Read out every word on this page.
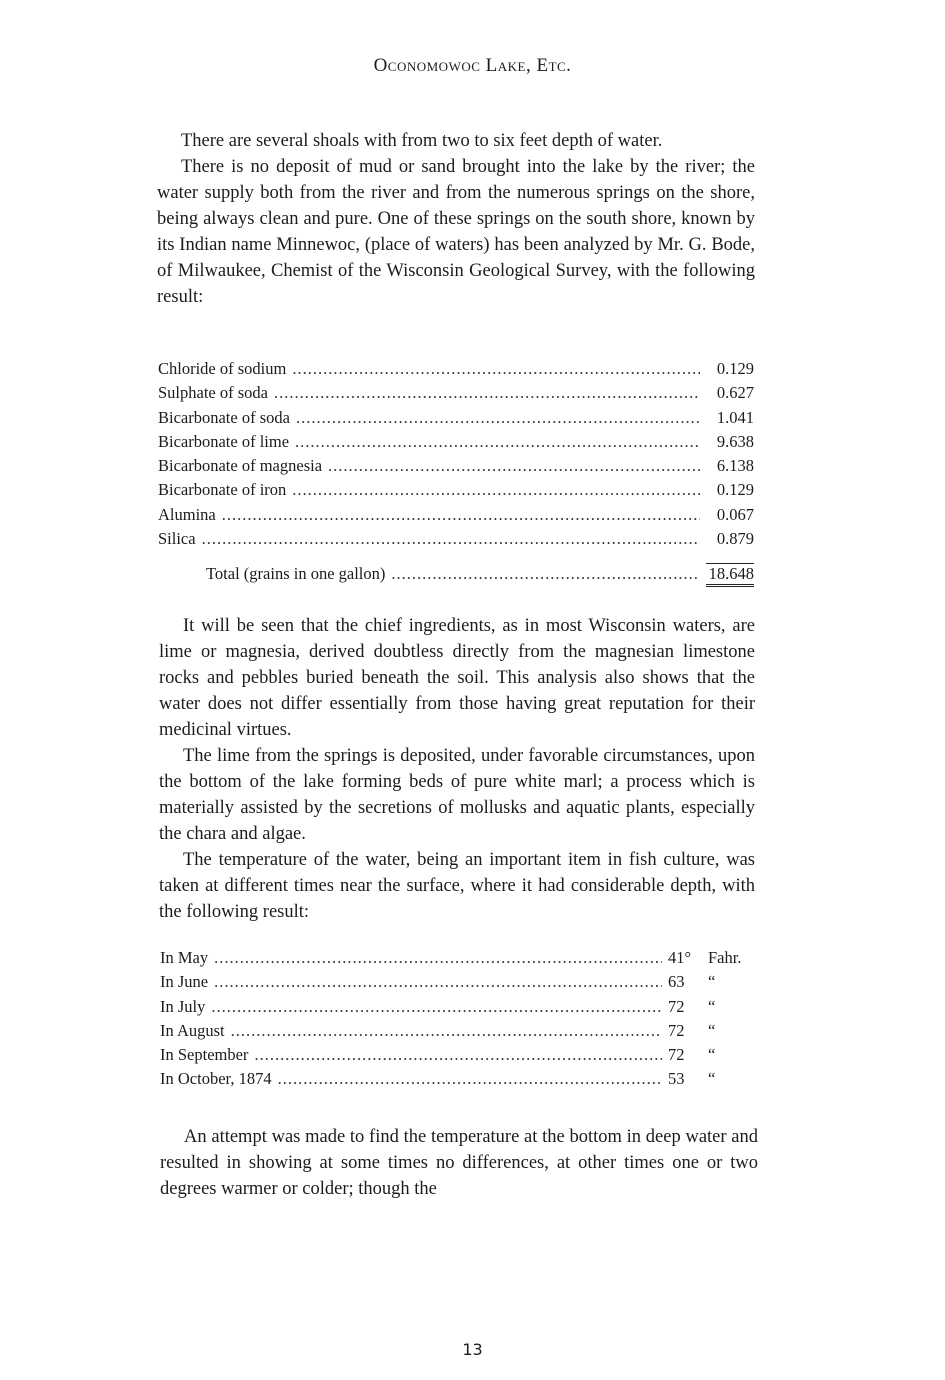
Oconomowoc Lake, Etc.

There are several shoals with from two to six feet depth of water.

There is no deposit of mud or sand brought into the lake by the river; the water supply both from the river and from the numerous springs on the shore, being always clean and pure. One of these springs on the south shore, known by its Indian name Minnewoc, (place of waters) has been analyzed by Mr. G. Bode, of Milwaukee, Chemist of the Wisconsin Geological Survey, with the following result:

Chloride of sodium .....	0.129
Sulphate of soda .....	0.627
Bicarbonate of soda .....	1.041
Bicarbonate of lime .....	9.638
Bicarbonate of magnesia .....	6.138
Bicarbonate of iron .....	0.129
Alumina .....	0.067
Silica .....	0.879
Total (grains in one gallon) .....	18.648

It will be seen that the chief ingredients, as in most Wisconsin waters, are lime or magnesia, derived doubtless directly from the magnesian limestone rocks and pebbles buried beneath the soil. This analysis also shows that the water does not differ essentially from those having great reputation for their medicinal virtues.

The lime from the springs is deposited, under favorable circumstances, upon the bottom of the lake forming beds of pure white marl; a process which is materially assisted by the secretions of mollusks and aquatic plants, especially the chara and algae.

The temperature of the water, being an important item in fish culture, was taken at different times near the surface, where it had considerable depth, with the following result:

In May .....	41°	Fahr.
In June .....	63	“
In July .....	72	“
In August .....	72	“
In September .....	72	“
In October, 1874 .....	53	“

An attempt was made to find the temperature at the bottom in deep water and resulted in showing at some times no differences, at other times one or two degrees warmer or colder; though the

13
